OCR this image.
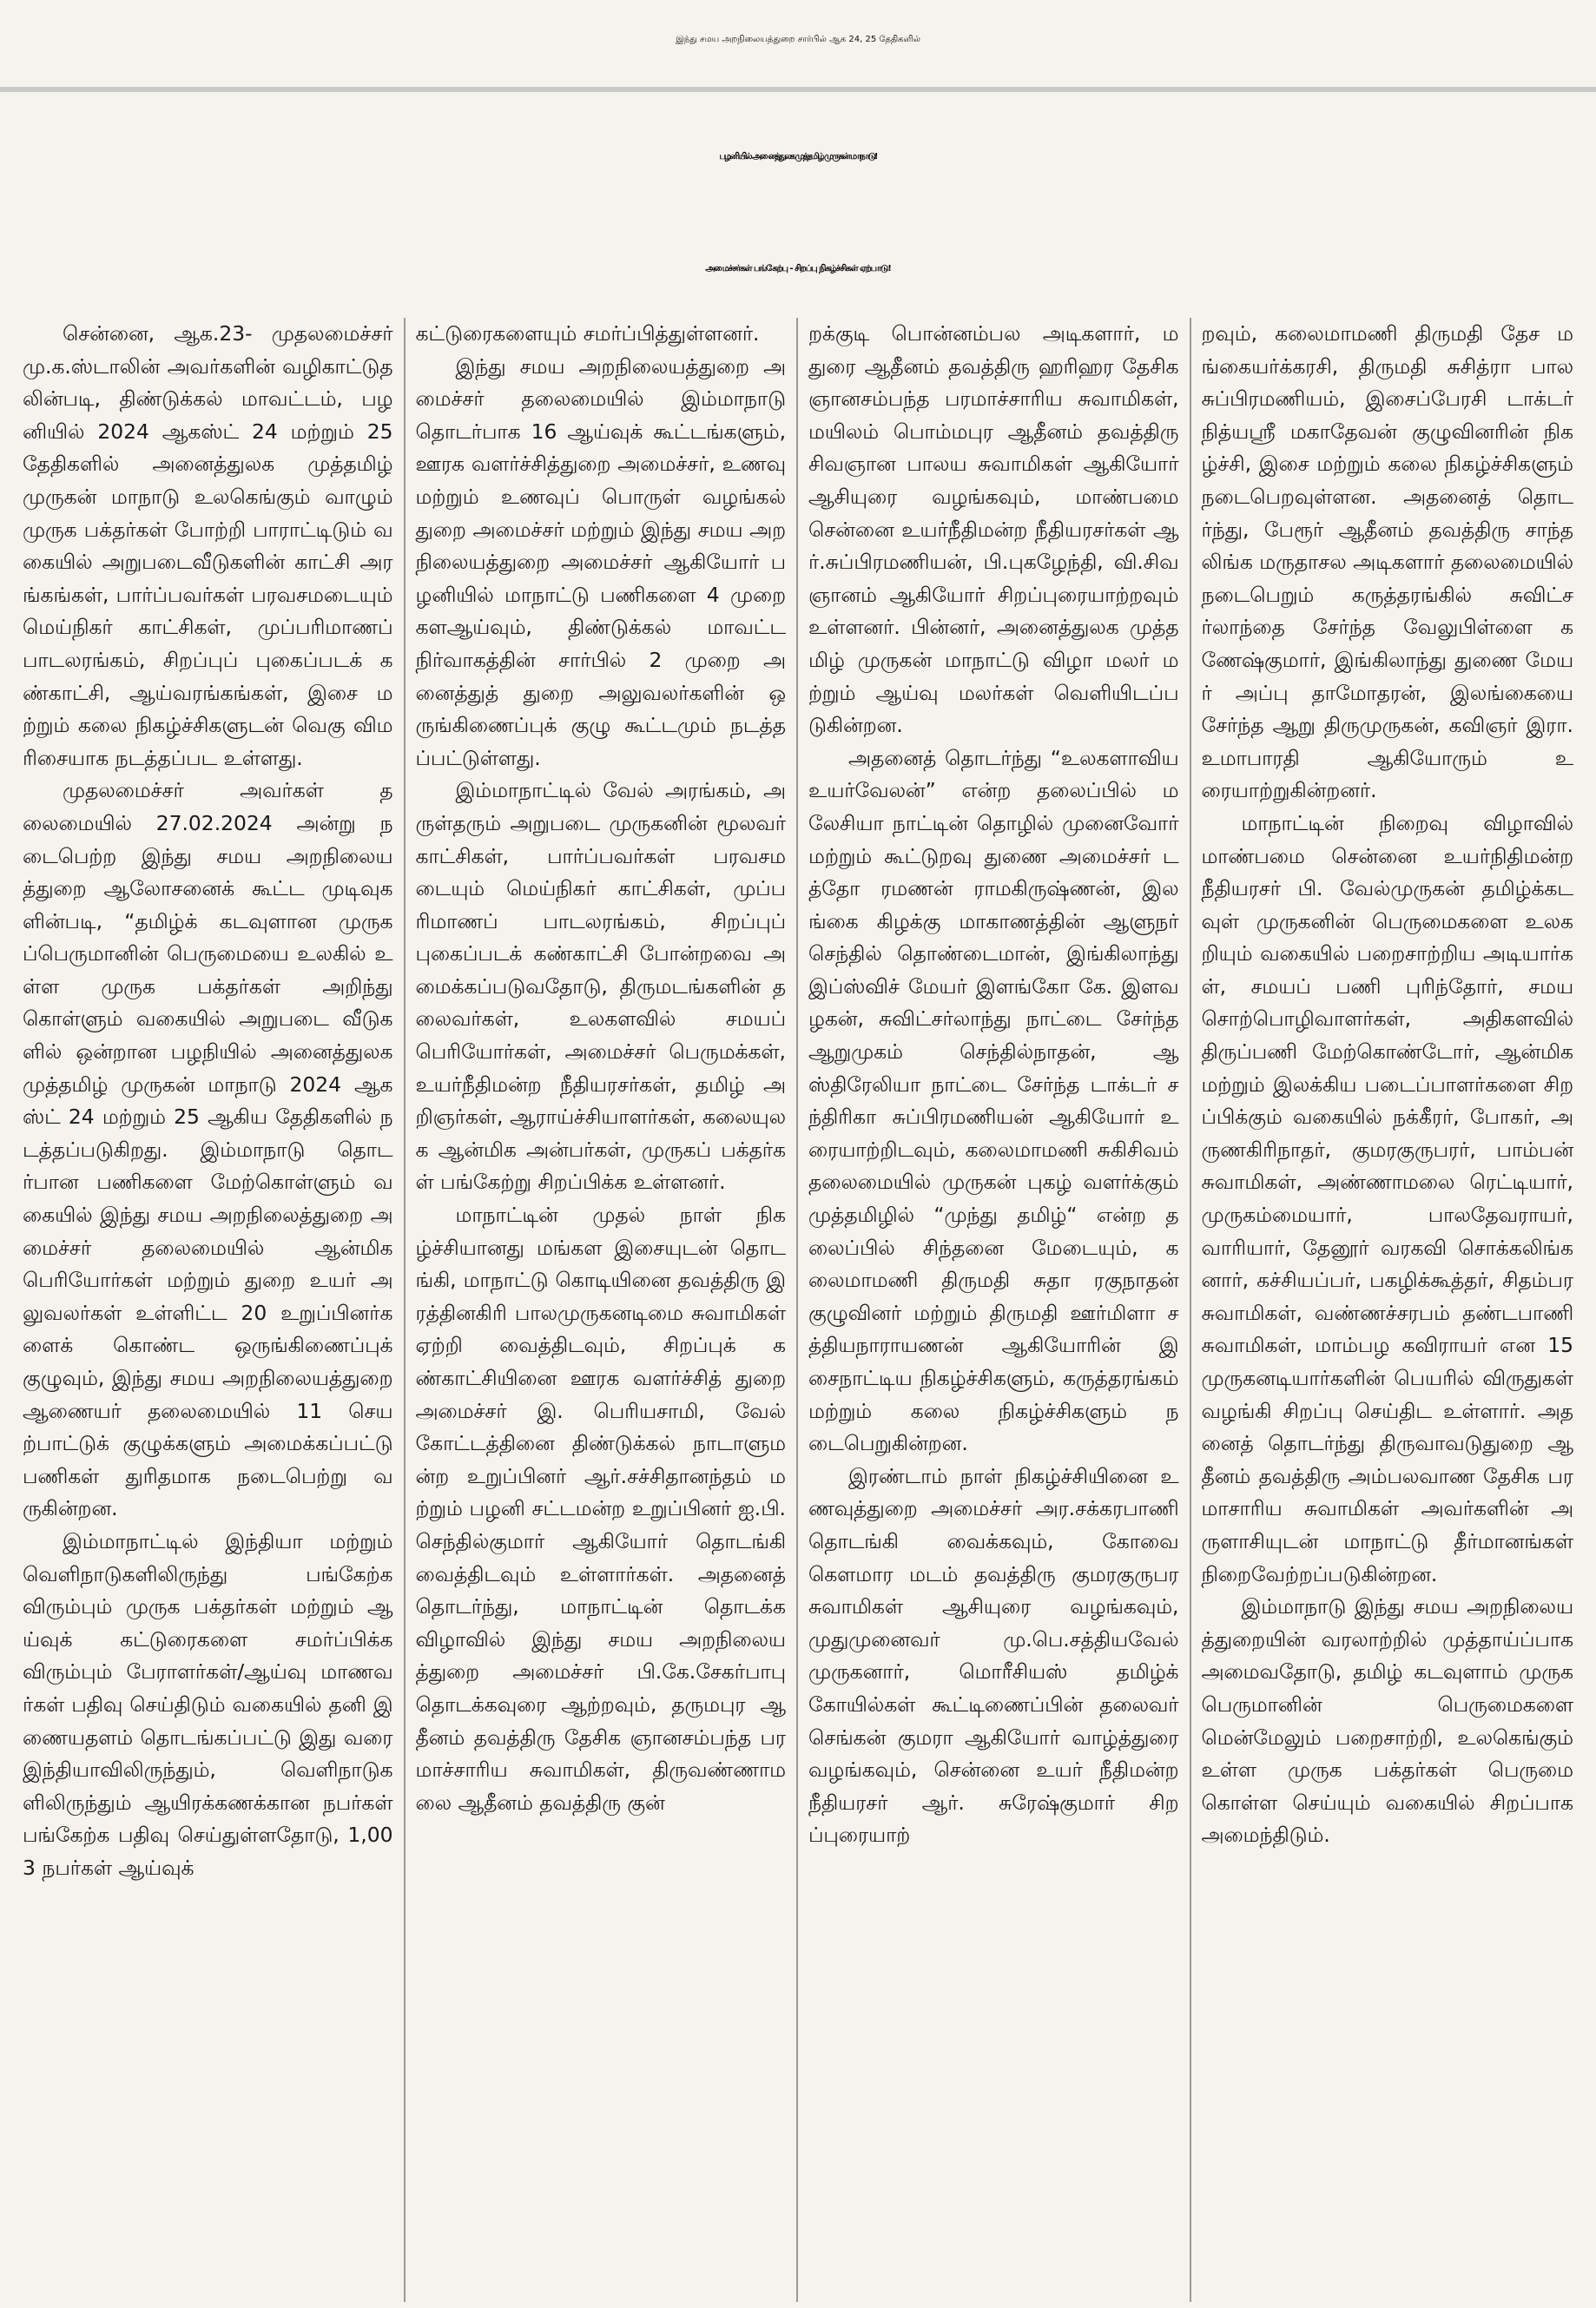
இந்து சமய அறநிலையத்துறை சார்பில் ஆக 24, 25 தேதிகளில்
பழனியில் அனைத்துலக முத்தமிழ் முருகன் மாநாடு!
அமைச்சர்கள் பங்கேற்பு - சிறப்பு நிகழ்ச்சிகள் ஏற்பாடு!

சென்னை, ஆக.23- முதலமைச்சர் மு.க.ஸ்டாலின் அவர்களின் வழிகாட்டுதலின்படி, திண்டுக்கல் மாவட்டம், பழனியில் 2024 ஆகஸ்ட் 24 மற்றும் 25 தேதிகளில் அனைத்துலக முத்தமிழ் முருகன் மாநாடு உலகெங்கும் வாழும் முருக பக்தர்கள் போற்றி பாராட்டிடும் வகையில் அறுபடைவீடுகளின் காட்சி அரங்கங்கள், பார்ப்பவர்கள் பரவசமடையும் மெய்நிகர் காட்சிகள், முப்பரிமாணப் பாடலரங்கம், சிறப்புப் புகைப்படக் கண்காட்சி, ஆய்வரங்கங்கள், இசை மற்றும் கலை நிகழ்ச்சிகளுடன் வெகு விமரிசையாக நடத்தப்பட உள்ளது.

முதலமைச்சர் அவர்கள் தலைமையில் 27.02.2024 அன்று நடைபெற்ற இந்து சமய அறநிலையத்துறை ஆலோசனைக் கூட்ட முடிவுகளின்படி, “தமிழ்க் கடவுளான முருகப்பெருமானின் பெருமையை உலகில் உள்ள முருக பக்தர்கள் அறிந்து கொள்ளும் வகையில் அறுபடை வீடுகளில் ஒன்றான பழநியில் அனைத்துலக முத்தமிழ் முருகன் மாநாடு 2024 ஆகஸ்ட் 24 மற்றும் 25 ஆகிய தேதிகளில் நடத்தப்படுகிறது. இம்மாநாடு தொடர்பான பணிகளை மேற்கொள்ளும் வகையில் இந்து சமய அறநிலைத்துறை அமைச்சர் தலைமையில் ஆன்மிக பெரியோர்கள் மற்றும் துறை உயர் அலுவலர்கள் உள்ளிட்ட 20 உறுப்பினர்களைக் கொண்ட ஒருங்கிணைப்புக் குழுவும், இந்து சமய அறநிலையத்துறை ஆணையர் தலைமையில் 11 செயற்பாட்டுக் குழுக்களும் அமைக்கப்பட்டு பணிகள் துரிதமாக நடைபெற்று வருகின்றன.

இம்மாநாட்டில் இந்தியா மற்றும் வெளிநாடுகளிலிருந்து பங்கேற்க விரும்பும் முருக பக்தர்கள் மற்றும் ஆய்வுக் கட்டுரைகளை சமர்ப்பிக்க விரும்பும் பேராளர்கள்/ஆய்வு மாணவர்கள் பதிவு செய்திடும் வகையில் தனி இணையதளம் தொடங்கப்பட்டு இது வரை இந்தியாவிலிருந்தும், வெளிநாடுகளிலிருந்தும் ஆயிரக்கணக்கான நபர்கள் பங்கேற்க பதிவு செய்துள்ளதோடு, 1,003 நபர்கள் ஆய்வுக்

கட்டுரைகளையும் சமர்ப்பித்துள்ளனர்.

இந்து சமய அறநிலையத்துறை அமைச்சர் தலைமையில் இம்மாநாடு தொடர்பாக 16 ஆய்வுக் கூட்டங்களும், ஊரக வளர்ச்சித்துறை அமைச்சர், உணவு மற்றும் உணவுப் பொருள் வழங்கல் துறை அமைச்சர் மற்றும் இந்து சமய அறநிலையத்துறை அமைச்சர் ஆகியோர் பழனியில் மாநாட்டு பணிகளை 4 முறை களஆய்வும், திண்டுக்கல் மாவட்ட நிர்வாகத்தின் சார்பில் 2 முறை அனைத்துத் துறை அலுவலர்களின் ஒருங்கிணைப்புக் குழு கூட்டமும் நடத்தப்பட்டுள்ளது.

இம்மாநாட்டில் வேல் அரங்கம், அருள்தரும் அறுபடை முருகனின் மூலவர் காட்சிகள், பார்ப்பவர்கள் பரவசமடையும் மெய்நிகர் காட்சிகள், முப்பரிமாணப் பாடலரங்கம், சிறப்புப் புகைப்படக் கண்காட்சி போன்றவை அமைக்கப்படுவதோடு, திருமடங்களின் தலைவர்கள், உலகளவில் சமயப் பெரியோர்கள், அமைச்சர் பெருமக்கள், உயர்நீதிமன்ற நீதியரசர்கள், தமிழ் அறிஞர்கள், ஆராய்ச்சியாளர்கள், கலையுலக ஆன்மிக அன்பர்கள், முருகப் பக்தர்கள் பங்கேற்று சிறப்பிக்க உள்ளனர்.

மாநாட்டின் முதல் நாள் நிகழ்ச்சியானது மங்கள இசையுடன் தொடங்கி, மாநாட்டு கொடியினை தவத்திரு இரத்தினகிரி பாலமுருகனடிமை சுவாமிகள் ஏற்றி வைத்திடவும், சிறப்புக் கண்காட்சியினை ஊரக வளர்ச்சித் துறை அமைச்சர் இ. பெரியசாமி, வேல் கோட்டத்தினை திண்டுக்கல் நாடாளுமன்ற உறுப்பினர் ஆர்.சச்சிதானந்தம் மற்றும் பழனி சட்டமன்ற உறுப்பினர் ஐ.பி. செந்தில்குமார் ஆகியோர் தொடங்கி வைத்திடவும் உள்ளார்கள். அதனைத் தொடர்ந்து, மாநாட்டின் தொடக்க விழாவில் இந்து சமய அறநிலையத்துறை அமைச்சர் பி.கே.சேகர்பாபு தொடக்கவுரை ஆற்றவும், தருமபுர ஆதீனம் தவத்திரு தேசிக ஞானசம்பந்த பரமாச்சாரிய சுவாமிகள், திருவண்ணாமலை ஆதீனம் தவத்திரு குன்

றக்குடி பொன்னம்பல அடிகளார், மதுரை ஆதீனம் தவத்திரு ஹரிஹர தேசிக ஞானசம்பந்த பரமாச்சாரிய சுவாமிகள், மயிலம் பொம்மபுர ஆதீனம் தவத்திரு சிவஞான பாலய சுவாமிகள் ஆகியோர் ஆசியுரை வழங்கவும், மாண்பமை சென்னை உயர்நீதிமன்ற நீதியரசர்கள் ஆர்.சுப்பிரமணியன், பி.புகழேந்தி, வி.சிவஞானம் ஆகியோர் சிறப்புரையாற்றவும் உள்ளனர். பின்னர், அனைத்துலக முத்தமிழ் முருகன் மாநாட்டு விழா மலர் மற்றும் ஆய்வு மலர்கள் வெளியிடப்படுகின்றன.

அதனைத் தொடர்ந்து “உலகளாவிய உயர்வேலன்” என்ற தலைப்பில் மலேசியா நாட்டின் தொழில் முனைவோர் மற்றும் கூட்டுறவு துணை அமைச்சர் டத்தோ ரமணன் ராமகிருஷ்ணன், இலங்கை கிழக்கு மாகாணத்தின் ஆளுநர் செந்தில் தொண்டைமான், இங்கிலாந்து இப்ஸ்விச் மேயர் இளங்கோ கே. இளவழகன், சுவிட்சர்லாந்து நாட்டை சேர்ந்த ஆறுமுகம் செந்தில்நாதன், ஆஸ்திரேலியா நாட்டை சேர்ந்த டாக்டர் சந்திரிகா சுப்பிரமணியன் ஆகியோர் உரையாற்றிடவும், கலைமாமணி சுகிசிவம் தலைமையில் முருகன் புகழ் வளர்க்கும் முத்தமிழில் “முந்து தமிழ்“ என்ற தலைப்பில் சிந்தனை மேடையும், கலைமாமணி திருமதி சுதா ரகுநாதன் குழுவினர் மற்றும் திருமதி ஊர்மிளா சத்தியநாராயணன் ஆகியோரின் இசைநாட்டிய நிகழ்ச்சிகளும், கருத்தரங்கம் மற்றும் கலை நிகழ்ச்சிகளும் நடைபெறுகின்றன.

இரண்டாம் நாள் நிகழ்ச்சியினை உணவுத்துறை அமைச்சர் அர.சக்கரபாணி தொடங்கி வைக்கவும், கோவை கௌமார மடம் தவத்திரு குமரகுருபர சுவாமிகள் ஆசியுரை வழங்கவும், முதுமுனைவர் மு.பெ.சத்தியவேல் முருகனார், மொரீசியஸ் தமிழ்க் கோயில்கள் கூட்டிணைப்பின் தலைவர் செங்கன் குமரா ஆகியோர் வாழ்த்துரை வழங்கவும், சென்னை உயர் நீதிமன்ற நீதியரசர் ஆர். சுரேஷ்குமார் சிறப்புரையாற்

றவும், கலைமாமணி திருமதி தேச மங்கையர்க்கரசி, திருமதி சுசித்ரா பாலசுப்பிரமணியம், இசைப்பேரசி டாக்டர் நித்யஸ்ரீ மகாதேவன் குழுவினரின் நிகழ்ச்சி, இசை மற்றும் கலை நிகழ்ச்சிகளும் நடைபெறவுள்ளன. அதனைத் தொடர்ந்து, பேரூர் ஆதீனம் தவத்திரு சாந்தலிங்க மருதாசல அடிகளார் தலைமையில் நடைபெறும் கருத்தரங்கில் சுவிட்சர்லாந்தை சேர்ந்த வேலுபிள்ளை கணேஷ்குமார், இங்கிலாந்து துணை மேயர் அப்பு தாமோதரன், இலங்கையை சேர்ந்த ஆறு திருமுருகன், கவிஞர் இரா. உமாபாரதி ஆகியோரும் உரையாற்றுகின்றனர்.

மாநாட்டின் நிறைவு விழாவில் மாண்பமை சென்னை உயர்நிதிமன்ற நீதியரசர் பி. வேல்முருகன் தமிழ்க்கடவுள் முருகனின் பெருமைகளை உலகறியும் வகையில் பறைசாற்றிய அடியார்கள், சமயப் பணி புரிந்தோர், சமய சொற்பொழிவாளர்கள், அதிகளவில் திருப்பணி மேற்கொண்டோர், ஆன்மிக மற்றும் இலக்கிய படைப்பாளர்களை சிறப்பிக்கும் வகையில் நக்கீரர், போகர், அருணகிரிநாதர், குமரகுருபரர், பாம்பன் சுவாமிகள், அண்ணாமலை ரெட்டியார், முருகம்மையார், பாலதேவராயர், வாரியார், தேனூர் வரகவி சொக்கலிங்கனார், கச்சியப்பர், பகழிக்கூத்தர், சிதம்பர சுவாமிகள், வண்ணச்சரபம் தண்டபாணி சுவாமிகள், மாம்பழ கவிராயர் என 15 முருகனடியார்களின் பெயரில் விருதுகள் வழங்கி சிறப்பு செய்திட உள்ளார். அதனைத் தொடர்ந்து திருவாவடுதுறை ஆதீனம் தவத்திரு அம்பலவாண தேசிக பரமாசாரிய சுவாமிகள் அவர்களின் அருளாசியுடன் மாநாட்டு தீர்மானங்கள் நிறைவேற்றப்படுகின்றன.

இம்மாநாடு இந்து சமய அறநிலையத்துறையின் வரலாற்றில் முத்தாய்ப்பாக அமைவதோடு, தமிழ் கடவுளாம் முருக பெருமானின் பெருமைகளை மென்மேலும் பறைசாற்றி, உலகெங்கும் உள்ள முருக பக்தர்கள் பெருமை கொள்ள செய்யும் வகையில் சிறப்பாக அமைந்திடும்.
